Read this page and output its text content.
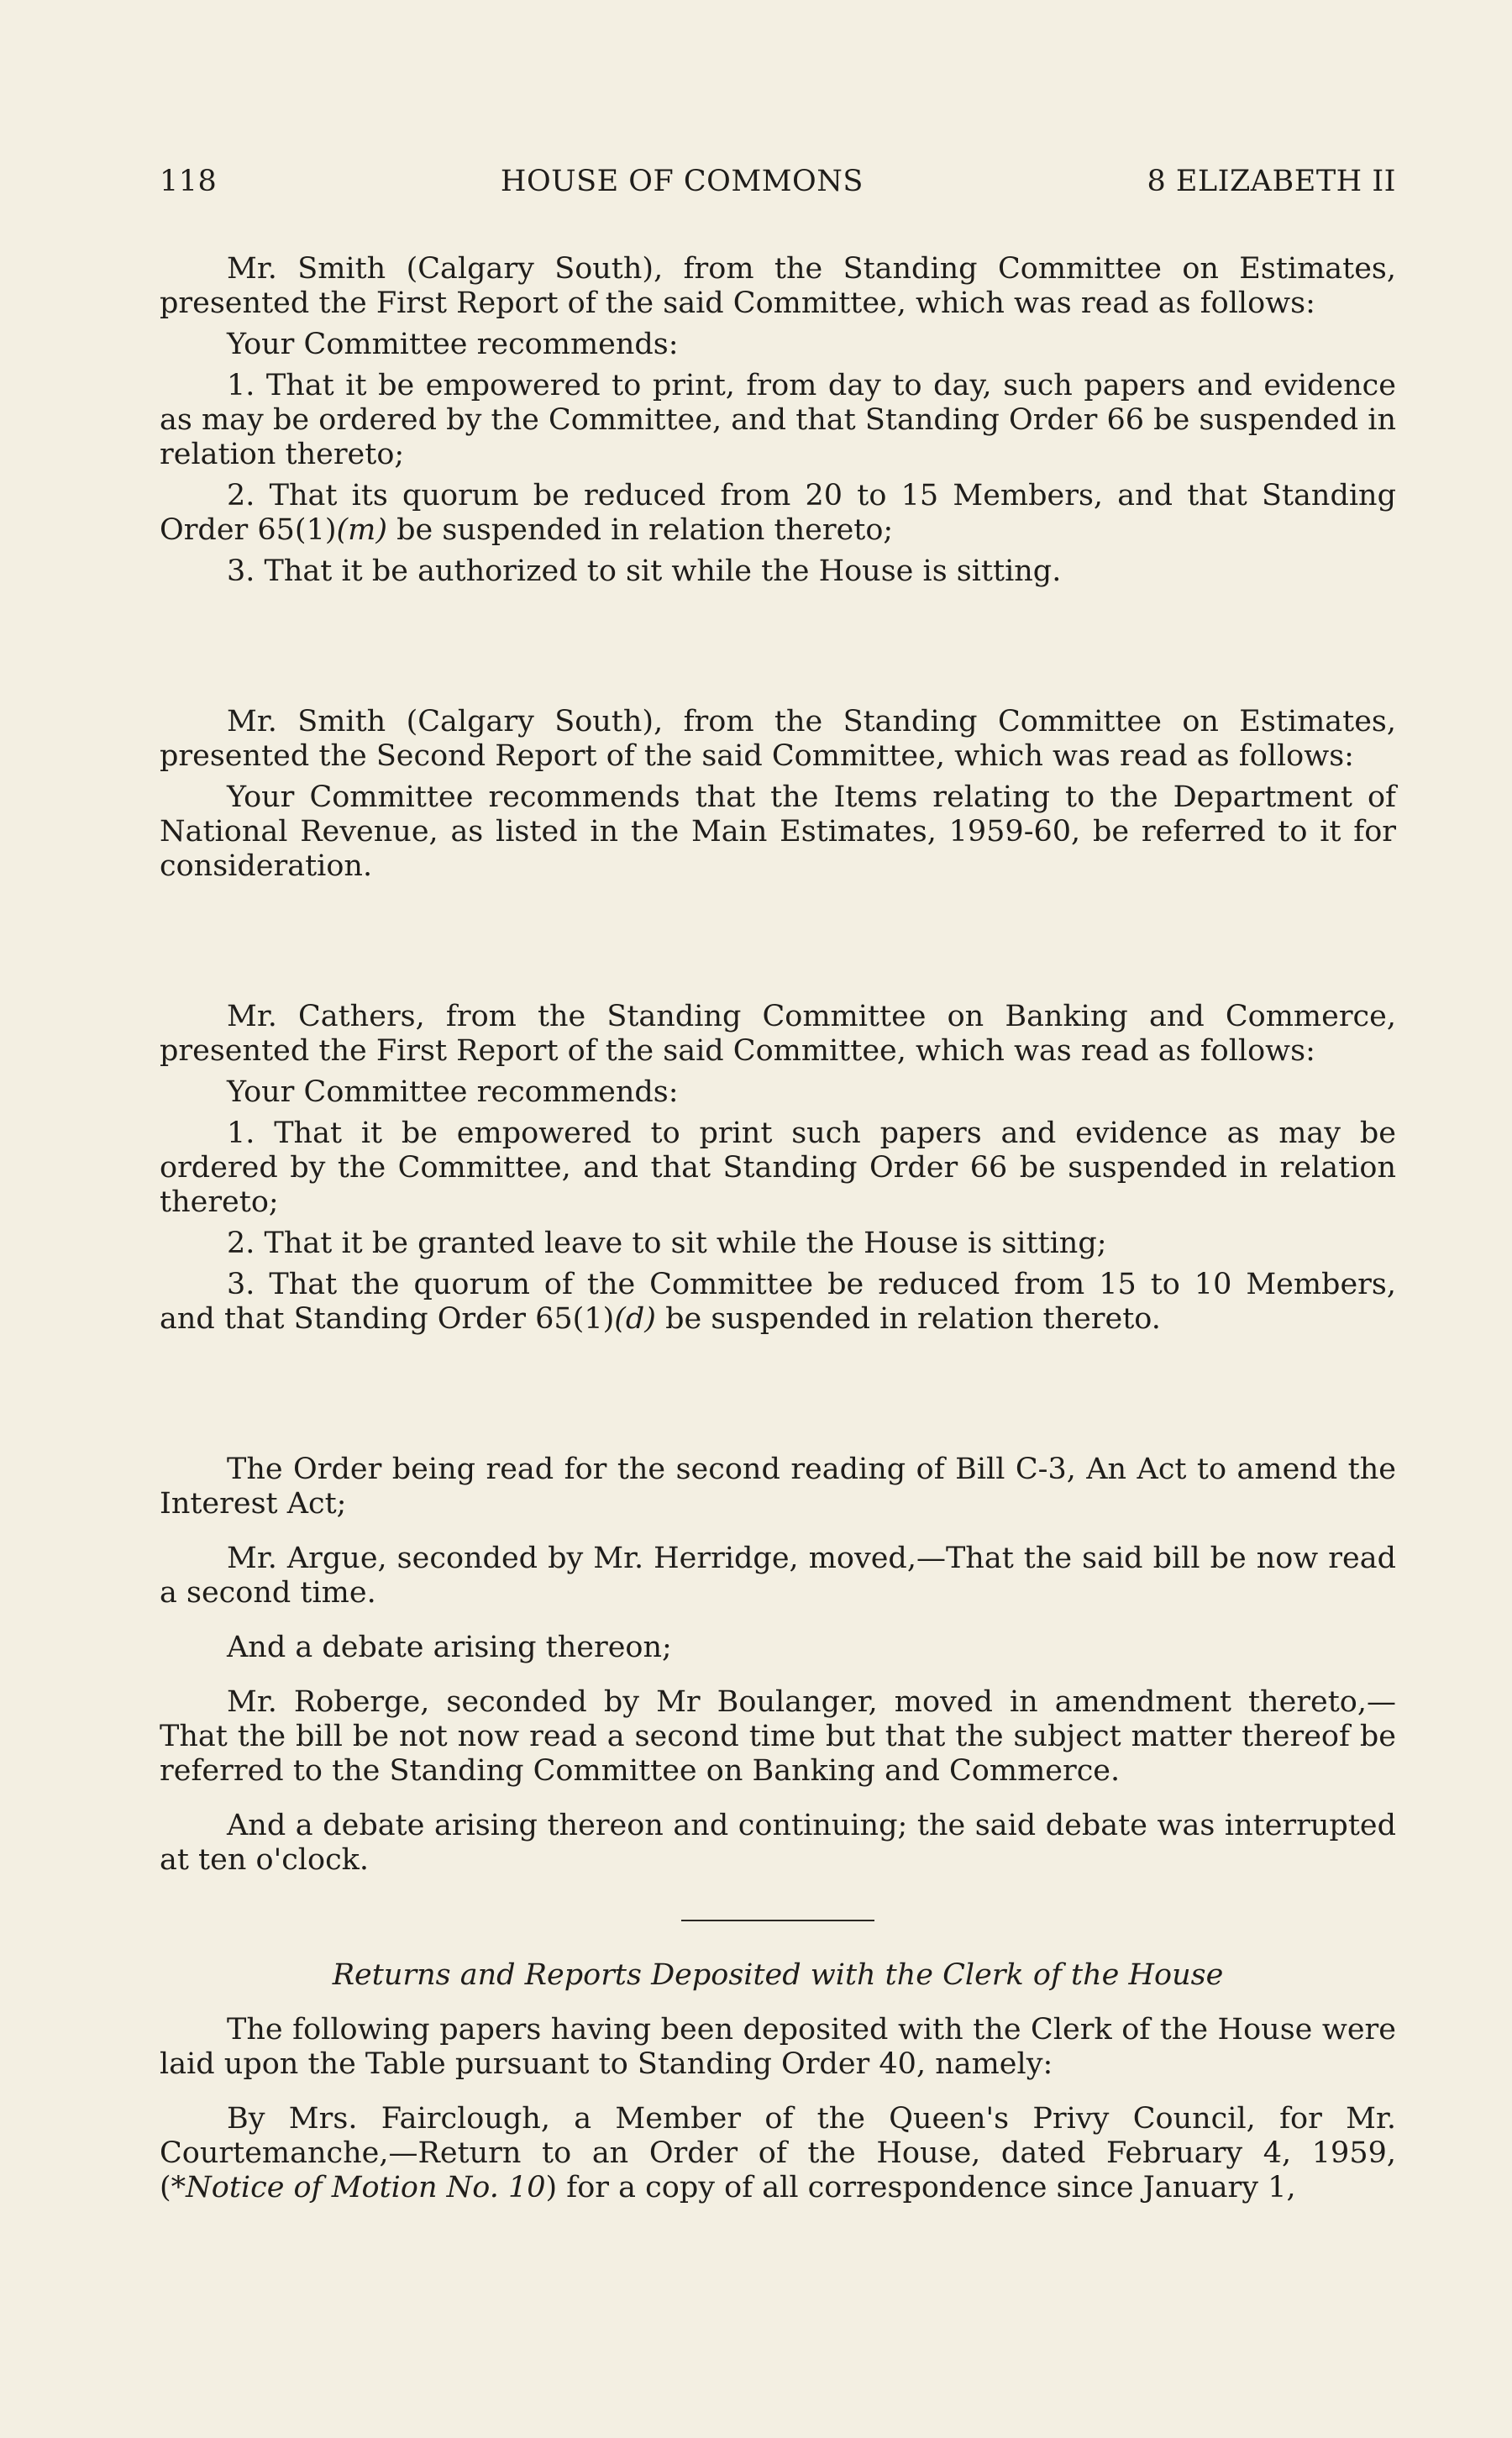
118	HOUSE OF COMMONS	8 ELIZABETH II

Mr. Smith (Calgary South), from the Standing Committee on Estimates, presented the First Report of the said Committee, which was read as follows:

Your Committee recommends:

1. That it be empowered to print, from day to day, such papers and evidence as may be ordered by the Committee, and that Standing Order 66 be suspended in relation thereto;

2. That its quorum be reduced from 20 to 15 Members, and that Standing Order 65(1)(m) be suspended in relation thereto;

3. That it be authorized to sit while the House is sitting.

Mr. Smith (Calgary South), from the Standing Committee on Estimates, presented the Second Report of the said Committee, which was read as follows:

Your Committee recommends that the Items relating to the Department of National Revenue, as listed in the Main Estimates, 1959-60, be referred to it for consideration.

Mr. Cathers, from the Standing Committee on Banking and Commerce, presented the First Report of the said Committee, which was read as follows:

Your Committee recommends:

1. That it be empowered to print such papers and evidence as may be ordered by the Committee, and that Standing Order 66 be suspended in relation thereto;

2. That it be granted leave to sit while the House is sitting;

3. That the quorum of the Committee be reduced from 15 to 10 Members, and that Standing Order 65(1)(d) be suspended in relation thereto.

The Order being read for the second reading of Bill C-3, An Act to amend the Interest Act;

Mr. Argue, seconded by Mr. Herridge, moved,—That the said bill be now read a second time.

And a debate arising thereon;

Mr. Roberge, seconded by Mr Boulanger, moved in amendment thereto,—That the bill be not now read a second time but that the subject matter thereof be referred to the Standing Committee on Banking and Commerce.

And a debate arising thereon and continuing; the said debate was interrupted at ten o'clock.

Returns and Reports Deposited with the Clerk of the House

The following papers having been deposited with the Clerk of the House were laid upon the Table pursuant to Standing Order 40, namely:

By Mrs. Fairclough, a Member of the Queen's Privy Council, for Mr. Courtemanche,—Return to an Order of the House, dated February 4, 1959, (*Notice of Motion No. 10) for a copy of all correspondence since January 1,
